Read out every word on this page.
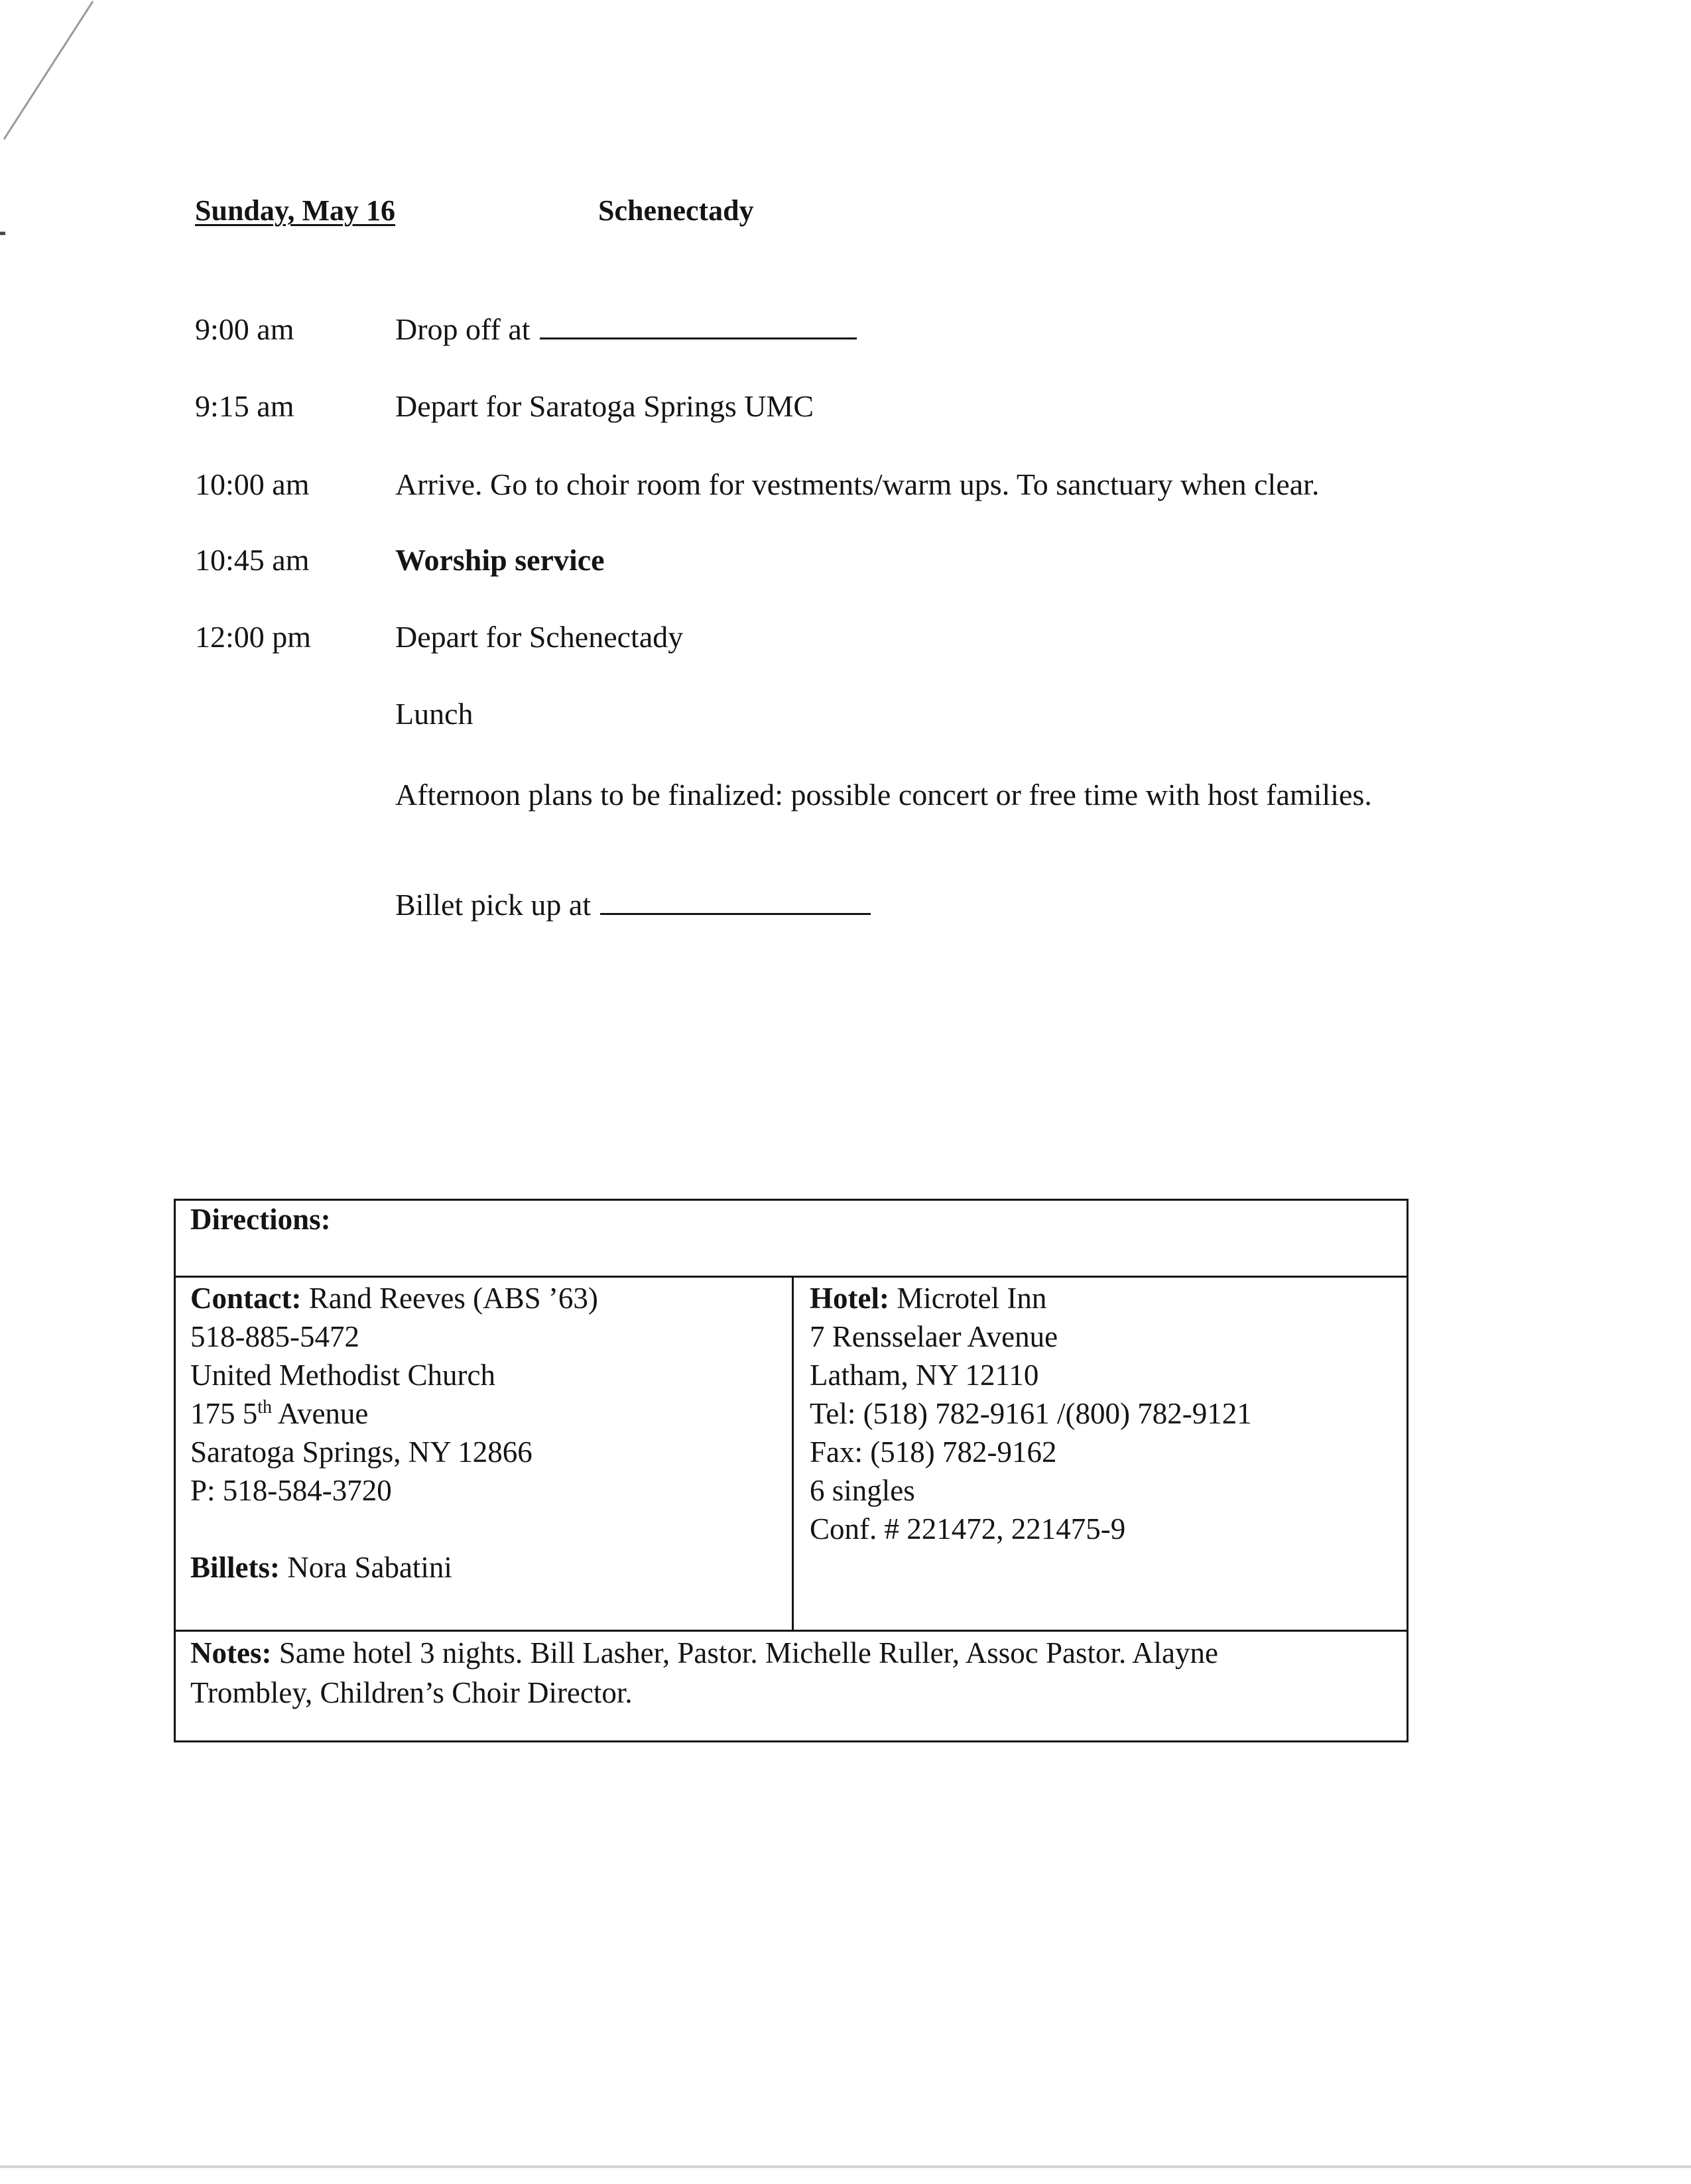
Sunday, May 16	Schenectady
9:00 am	Drop off at
9:15 am	Depart for Saratoga Springs UMC
10:00 am	Arrive. Go to choir room for vestments/warm ups. To sanctuary when clear.
10:45 am	Worship service
12:00 pm	Depart for Schenectady
Lunch
Afternoon plans to be finalized: possible concert or free time with host families.
Billet pick up at
Directions:
Contact: Rand Reeves (ABS ’63)
518-885-5472
United Methodist Church
175 5th Avenue
Saratoga Springs, NY 12866
P: 518-584-3720
Billets: Nora Sabatini
Hotel: Microtel Inn
7 Rensselaer Avenue
Latham, NY 12110
Tel: (518) 782-9161 /(800) 782-9121
Fax: (518) 782-9162
6 singles
Conf. # 221472, 221475-9
Notes: Same hotel 3 nights. Bill Lasher, Pastor. Michelle Ruller, Assoc Pastor. Alayne
Trombley, Children’s Choir Director.
